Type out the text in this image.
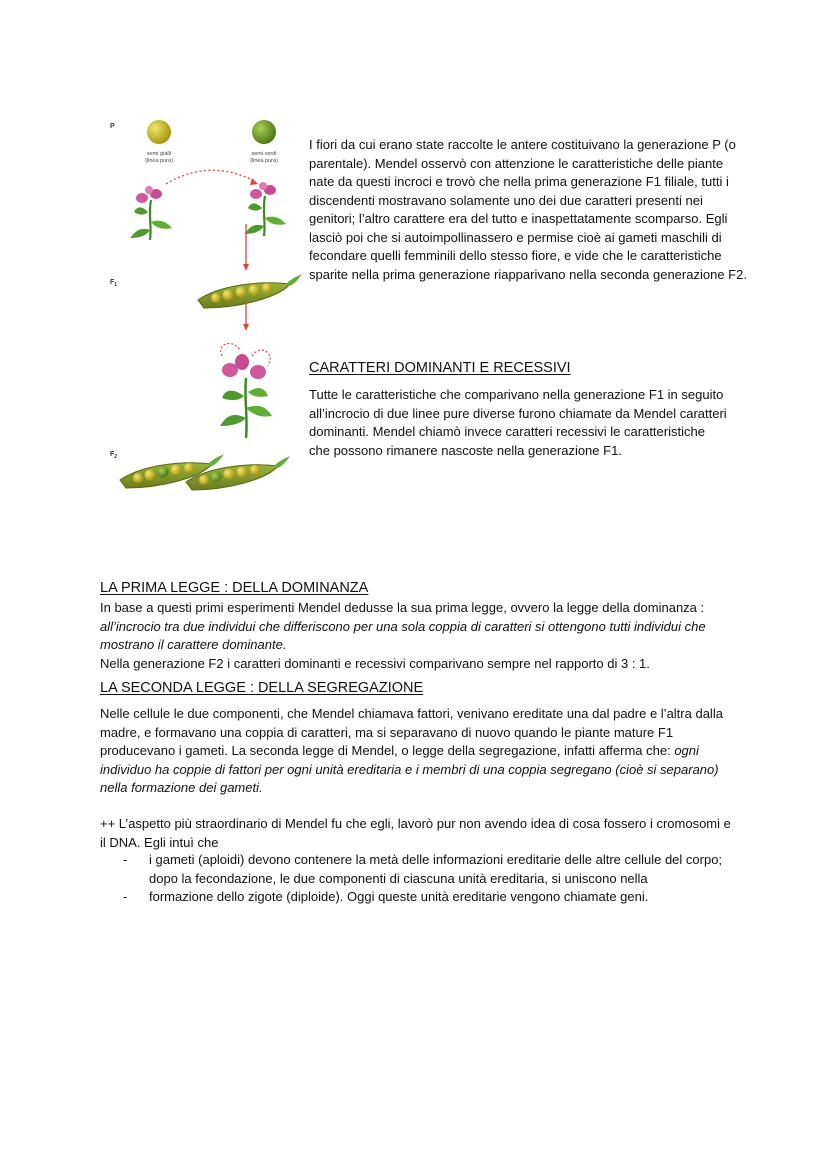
P
$F_1$
$F_2$
semi gialli
(linea pura)
semi verdi
(linea pura)

I fiori da cui erano state raccolte le antere costituivano la generazione P (o parentale). Mendel osservò con attenzione le caratteristiche delle piante nate da questi incroci e trovò che nella prima generazione F1 filiale, tutti i discendenti mostravano solamente uno dei due caratteri presenti nei genitori; l’altro carattere era del tutto e inaspettatamente scomparso. Egli lasciò poi che si autoimpollinassero e permise cioè ai gameti maschili di fecondare quelli femminili dello stesso fiore, e vide che le caratteristiche sparite nella prima generazione riapparivano nella seconda generazione F2.

CARATTERI DOMINANTI E RECESSIVI

Tutte le caratteristiche che comparivano nella generazione F1 in seguito all’incrocio di due linee pure diverse furono chiamate da Mendel caratteri dominanti. Mendel chiamò invece caratteri recessivi le caratteristiche che possono rimanere nascoste nella generazione F1.

LA PRIMA LEGGE : DELLA DOMINANZA

In base a questi primi esperimenti Mendel dedusse la sua prima legge, ovvero la legge della dominanza : all’incrocio tra due individui che differiscono per una sola coppia di caratteri si ottengono tutti individui che mostrano il carattere dominante.

Nella generazione F2 i caratteri dominanti e recessivi comparivano sempre nel rapporto di 3 : 1.

LA SECONDA LEGGE : DELLA SEGREGAZIONE

Nelle cellule le due componenti, che Mendel chiamava fattori, venivano ereditate una dal padre e l’altra dalla madre, e formavano una coppia di caratteri, ma si separavano di nuovo quando le piante mature F1 producevano i gameti. La seconda legge di Mendel, o legge della segregazione, infatti afferma che: ogni individuo ha coppie di fattori per ogni unità ereditaria e i membri di una coppia segregano (cioè si separano) nella formazione dei gameti.

++ L’aspetto più straordinario di Mendel fu che egli, lavorò pur non avendo idea di cosa fossero i cromosomi e il DNA. Egli intuì che

- i gameti (aploidi) devono contenere la metà delle informazioni ereditarie delle altre cellule del corpo; dopo la fecondazione, le due componenti di ciascuna unità ereditaria, si uniscono nella
- formazione dello zigote (diploide). Oggi queste unità ereditarie vengono chiamate geni.
